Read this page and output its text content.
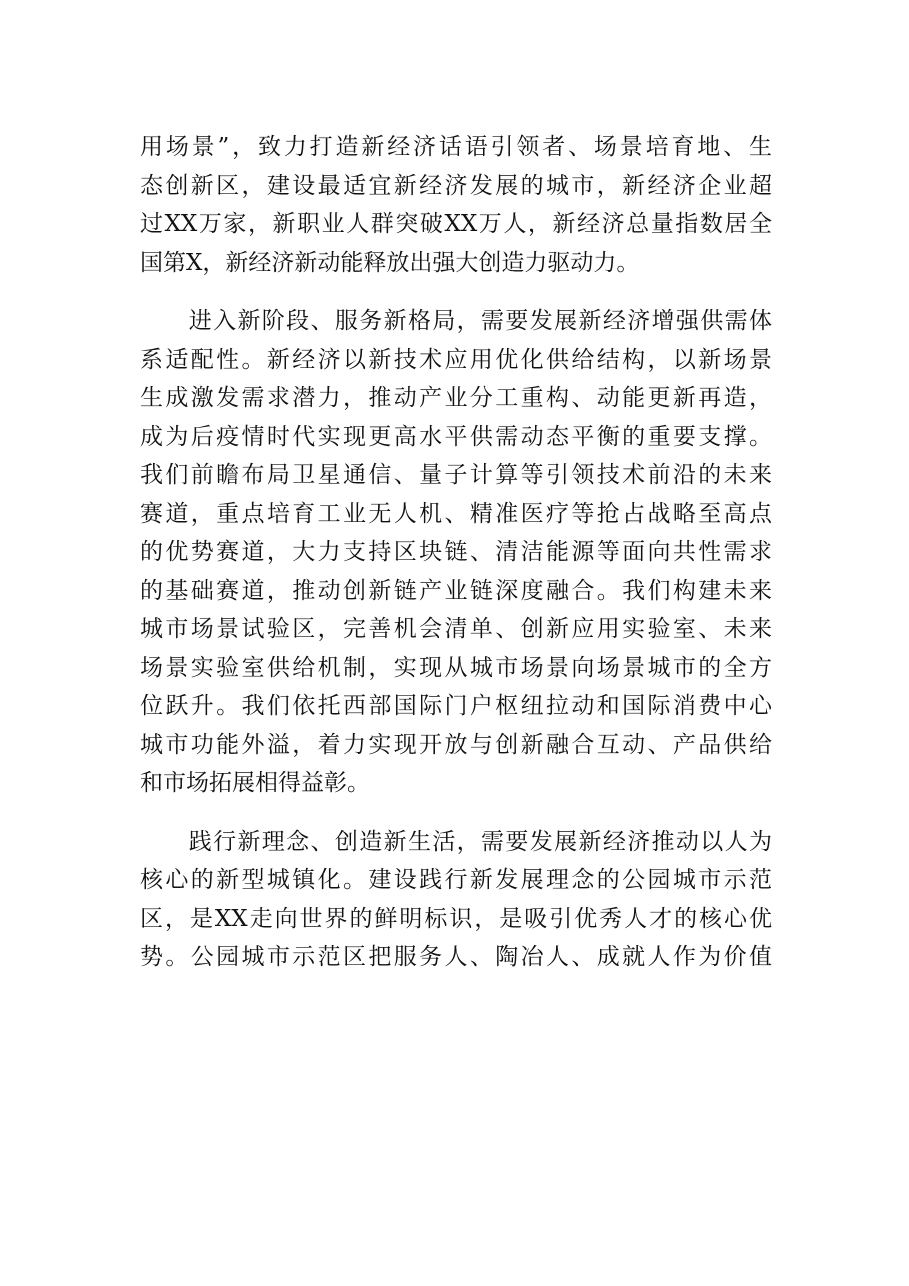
用场景”，致力打造新经济话语引领者、场景培育地、生
态创新区，建设最适宜新经济发展的城市，新经济企业超
过XX万家，新职业人群突破XX万人，新经济总量指数居全
国第X，新经济新动能释放出强大创造力驱动力。
　　进入新阶段、服务新格局，需要发展新经济增强供需体
系适配性。新经济以新技术应用优化供给结构，以新场景
生成激发需求潜力，推动产业分工重构、动能更新再造，
成为后疫情时代实现更高水平供需动态平衡的重要支撑。
我们前瞻布局卫星通信、量子计算等引领技术前沿的未来
赛道，重点培育工业无人机、精准医疗等抢占战略至高点
的优势赛道，大力支持区块链、清洁能源等面向共性需求
的基础赛道，推动创新链产业链深度融合。我们构建未来
城市场景试验区，完善机会清单、创新应用实验室、未来
场景实验室供给机制，实现从城市场景向场景城市的全方
位跃升。我们依托西部国际门户枢纽拉动和国际消费中心
城市功能外溢，着力实现开放与创新融合互动、产品供给
和市场拓展相得益彰。
　　践行新理念、创造新生活，需要发展新经济推动以人为
核心的新型城镇化。建设践行新发展理念的公园城市示范
区，是XX走向世界的鲜明标识，是吸引优秀人才的核心优
势。公园城市示范区把服务人、陶冶人、成就人作为价值
